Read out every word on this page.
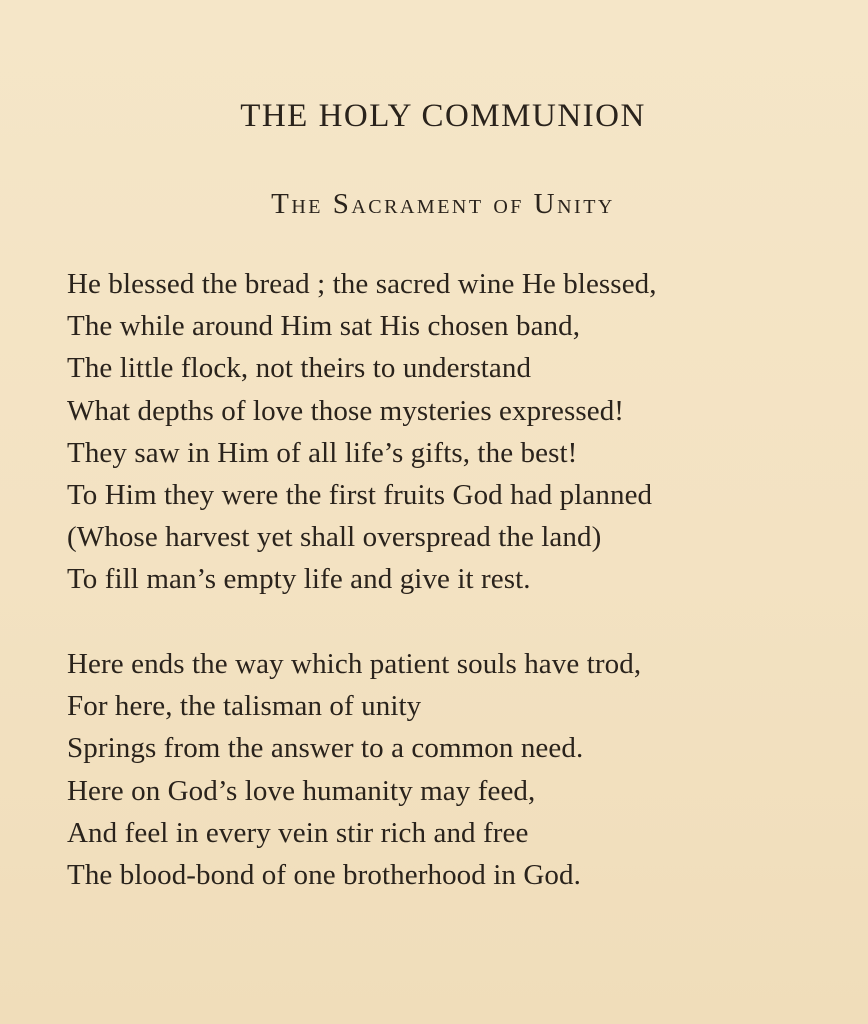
THE HOLY COMMUNION
The Sacrament of Unity
He blessed the bread ; the sacred wine He blessed,
The while around Him sat His chosen band,
The little flock, not theirs to understand
What depths of love those mysteries expressed!
They saw in Him of all life’s gifts, the best!
To Him they were the first fruits God had planned
(Whose harvest yet shall overspread the land)
To fill man’s empty life and give it rest.
Here ends the way which patient souls have trod,
For here, the talisman of unity
Springs from the answer to a common need.
Here on God’s love humanity may feed,
And feel in every vein stir rich and free
The blood-bond of one brotherhood in God.
